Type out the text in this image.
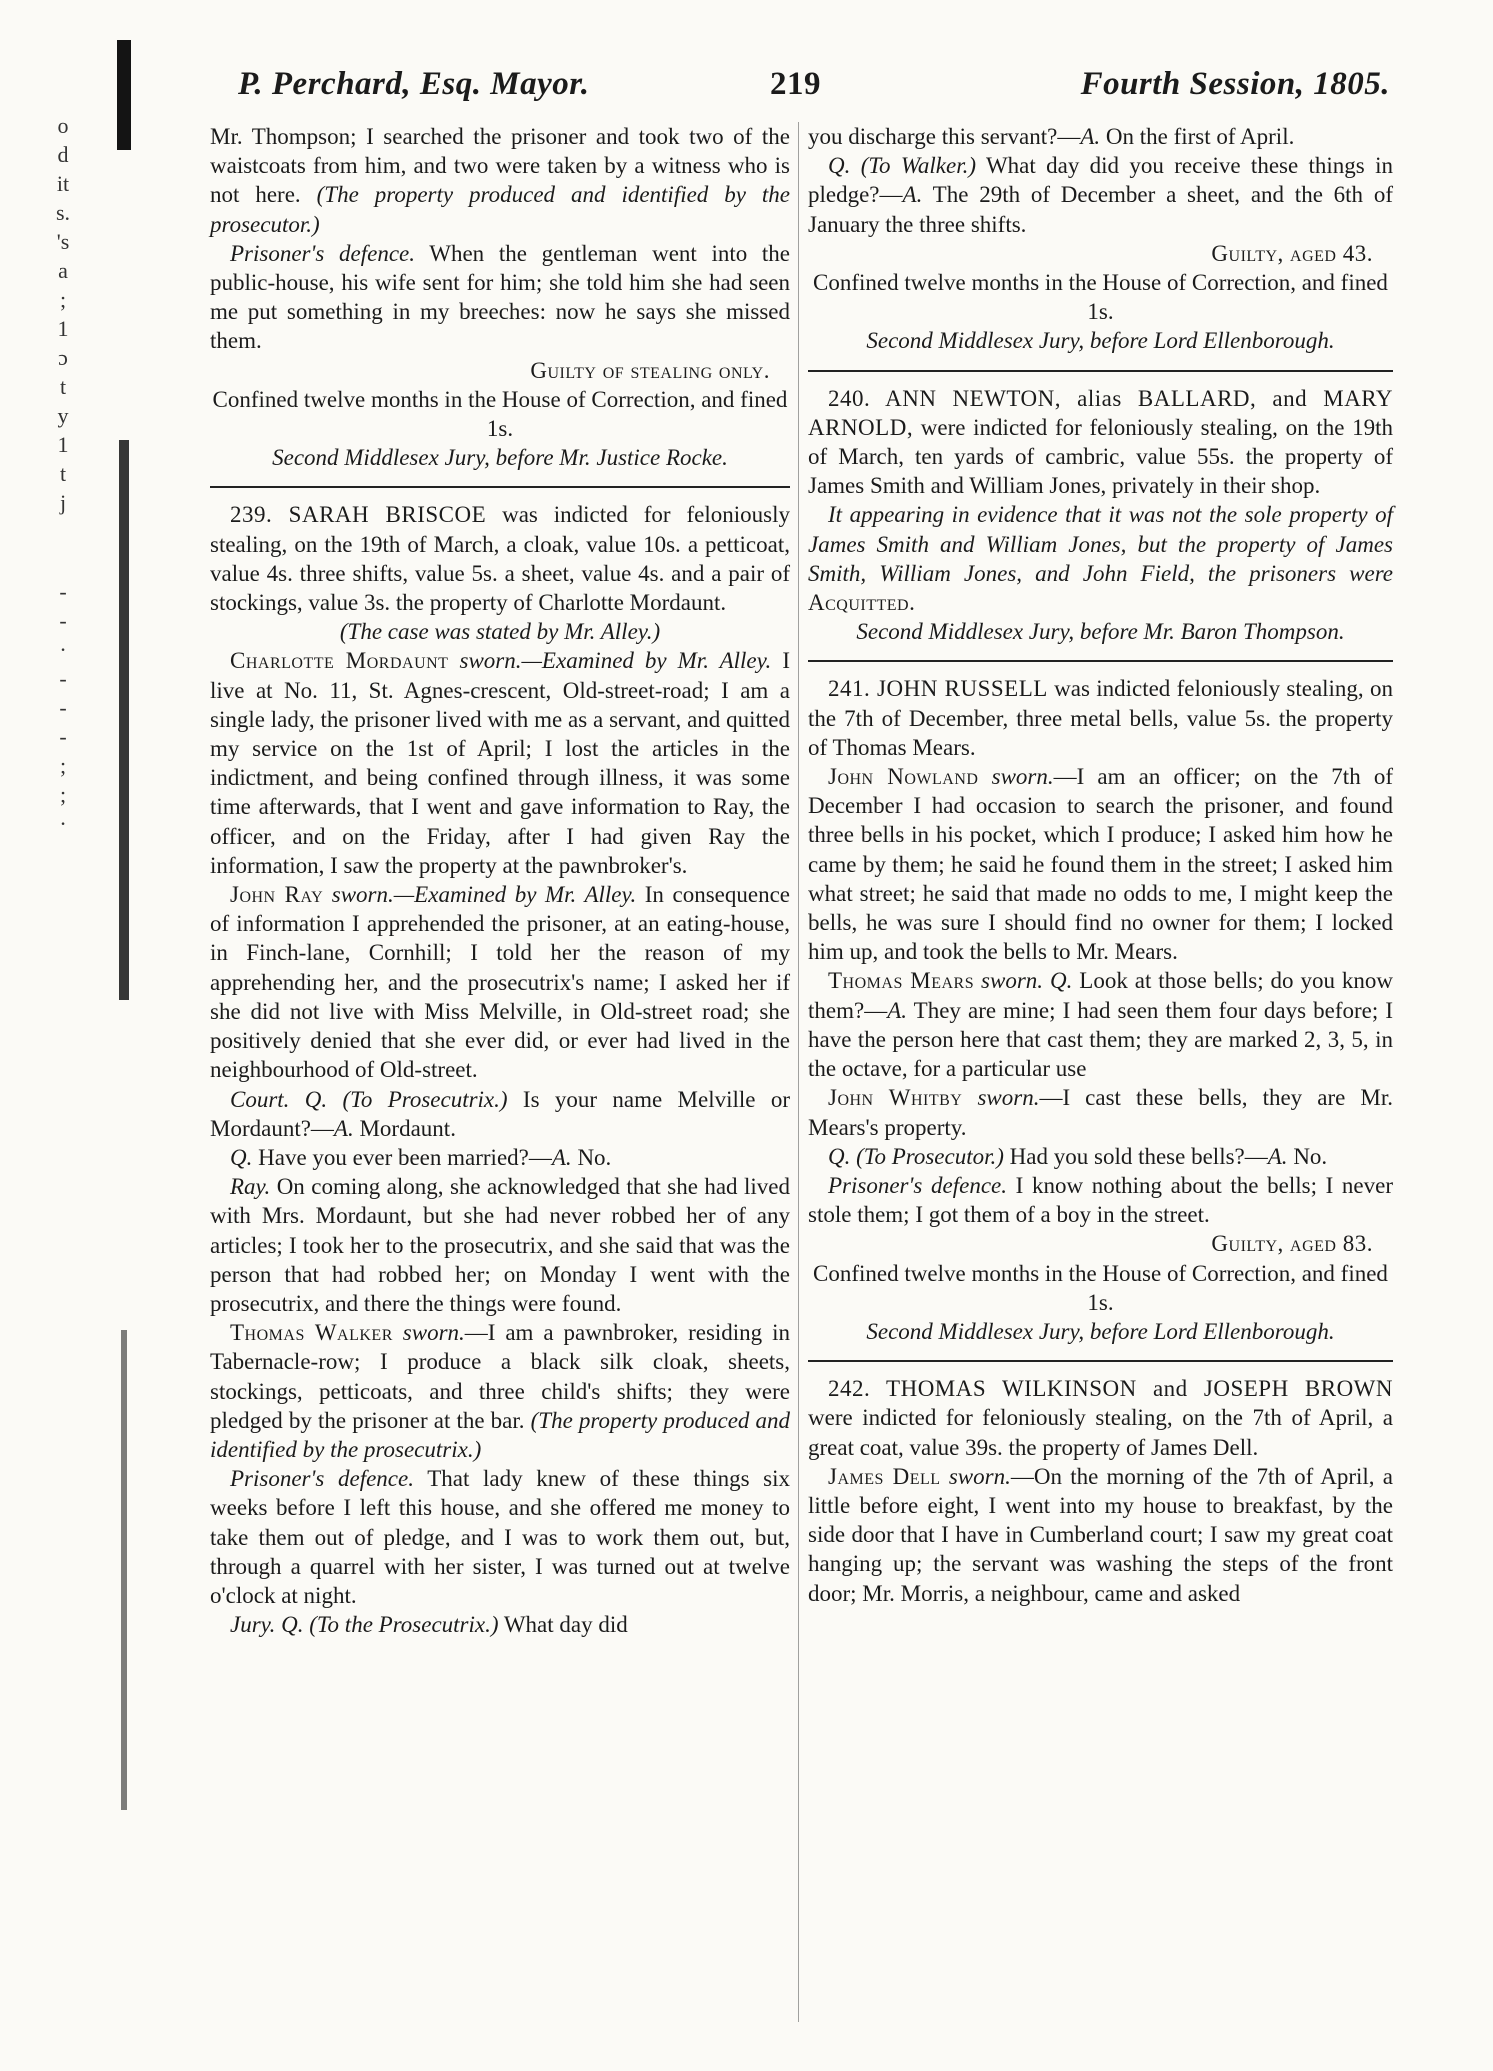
o
d
it
s.
's
a
;
1
ɔ
t
y
1
t
j
-
-
·
-
-
-
;
;
·
P. Perchard, Esq. Mayor.	219	Fourth Session, 1805.

Mr. Thompson; I searched the prisoner and took two of the waistcoats from him, and two were taken by a witness who is not here. (The property produced and identified by the prosecutor.)

Prisoner's defence. When the gentleman went into the public-house, his wife sent for him; she told him she had seen me put something in my breeches: now he says she missed them.

Guilty of stealing only.

Confined twelve months in the House of Correction, and fined 1s.

Second Middlesex Jury, before Mr. Justice Rocke.

239. SARAH BRISCOE was indicted for feloniously stealing, on the 19th of March, a cloak, value 10s. a petticoat, value 4s. three shifts, value 5s. a sheet, value 4s. and a pair of stockings, value 3s. the property of Charlotte Mordaunt.

(The case was stated by Mr. Alley.)

Charlotte Mordaunt sworn.—Examined by Mr. Alley. I live at No. 11, St. Agnes-crescent, Old-street-road; I am a single lady, the prisoner lived with me as a servant, and quitted my service on the 1st of April; I lost the articles in the indictment, and being confined through illness, it was some time afterwards, that I went and gave information to Ray, the officer, and on the Friday, after I had given Ray the information, I saw the property at the pawnbroker's.

John Ray sworn.—Examined by Mr. Alley. In consequence of information I apprehended the prisoner, at an eating-house, in Finch-lane, Cornhill; I told her the reason of my apprehending her, and the prosecutrix's name; I asked her if she did not live with Miss Melville, in Old-street road; she positively denied that she ever did, or ever had lived in the neighbourhood of Old-street.

Court. Q. (To Prosecutrix.) Is your name Melville or Mordaunt?—A. Mordaunt.

Q. Have you ever been married?—A. No.

Ray. On coming along, she acknowledged that she had lived with Mrs. Mordaunt, but she had never robbed her of any articles; I took her to the prosecutrix, and she said that was the person that had robbed her; on Monday I went with the prosecutrix, and there the things were found.

Thomas Walker sworn.—I am a pawnbroker, residing in Tabernacle-row; I produce a black silk cloak, sheets, stockings, petticoats, and three child's shifts; they were pledged by the prisoner at the bar. (The property produced and identified by the prosecutrix.)

Prisoner's defence. That lady knew of these things six weeks before I left this house, and she offered me money to take them out of pledge, and I was to work them out, but, through a quarrel with her sister, I was turned out at twelve o'clock at night.

Jury. Q. (To the Prosecutrix.) What day did

you discharge this servant?—A. On the first of April.

Q. (To Walker.) What day did you receive these things in pledge?—A. The 29th of December a sheet, and the 6th of January the three shifts.

Guilty, aged 43.

Confined twelve months in the House of Correction, and fined 1s.

Second Middlesex Jury, before Lord Ellenborough.

240. ANN NEWTON, alias BALLARD, and MARY ARNOLD, were indicted for feloniously stealing, on the 19th of March, ten yards of cambric, value 55s. the property of James Smith and William Jones, privately in their shop.

It appearing in evidence that it was not the sole property of James Smith and William Jones, but the property of James Smith, William Jones, and John Field, the prisoners were Acquitted.

Second Middlesex Jury, before Mr. Baron Thompson.

241. JOHN RUSSELL was indicted feloniously stealing, on the 7th of December, three metal bells, value 5s. the property of Thomas Mears.

John Nowland sworn.—I am an officer; on the 7th of December I had occasion to search the prisoner, and found three bells in his pocket, which I produce; I asked him how he came by them; he said he found them in the street; I asked him what street; he said that made no odds to me, I might keep the bells, he was sure I should find no owner for them; I locked him up, and took the bells to Mr. Mears.

Thomas Mears sworn. Q. Look at those bells; do you know them?—A. They are mine; I had seen them four days before; I have the person here that cast them; they are marked 2, 3, 5, in the octave, for a particular use

John Whitby sworn.—I cast these bells, they are Mr. Mears's property.

Q. (To Prosecutor.) Had you sold these bells?—A. No.

Prisoner's defence. I know nothing about the bells; I never stole them; I got them of a boy in the street.

Guilty, aged 83.

Confined twelve months in the House of Correction, and fined 1s.

Second Middlesex Jury, before Lord Ellenborough.

242. THOMAS WILKINSON and JOSEPH BROWN were indicted for feloniously stealing, on the 7th of April, a great coat, value 39s. the property of James Dell.

James Dell sworn.—On the morning of the 7th of April, a little before eight, I went into my house to breakfast, by the side door that I have in Cumberland court; I saw my great coat hanging up; the servant was washing the steps of the front door; Mr. Morris, a neighbour, came and asked
